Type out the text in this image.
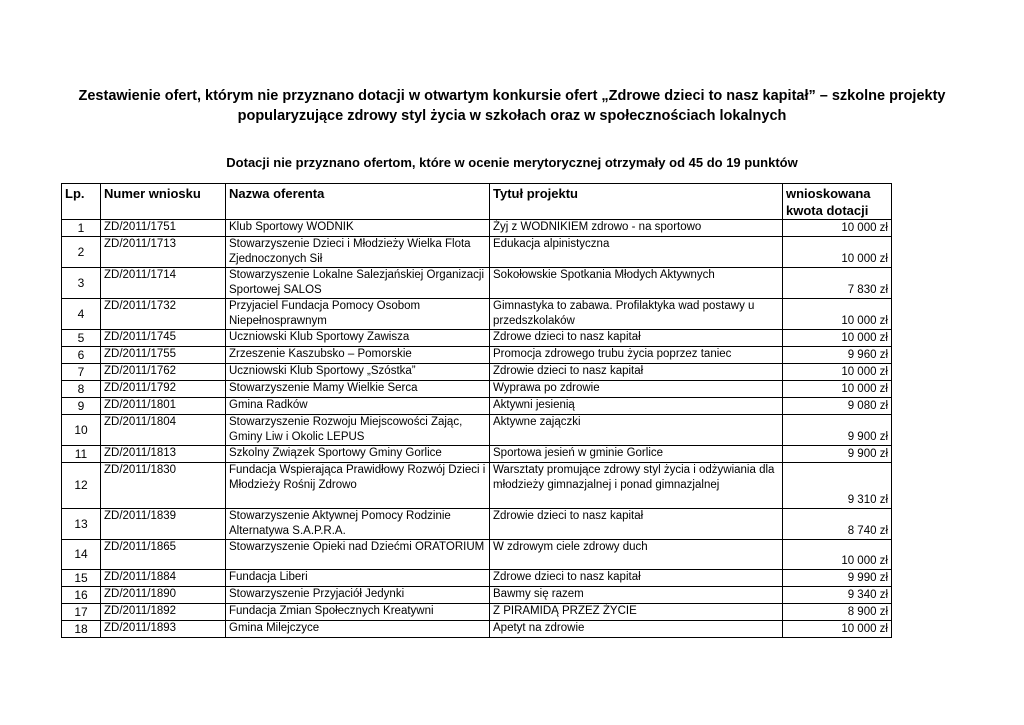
Zestawienie ofert, którym nie przyznano dotacji w otwartym konkursie ofert „Zdrowe dzieci to nasz kapitał” – szkolne projekty popularyzujące zdrowy styl życia w szkołach oraz w społecznościach lokalnych
Dotacji nie przyznano ofertom, które w ocenie merytorycznej otrzymały od 45 do 19 punktów
Lp.	Numer wniosku	Nazwa oferenta	Tytuł projektu	wnioskowana kwota dotacji
1	ZD/2011/1751	Klub Sportowy WODNIK	Żyj z WODNIKIEM zdrowo - na sportowo	10 000 zł
2	ZD/2011/1713	Stowarzyszenie Dzieci i Młodzieży Wielka Flota Zjednoczonych Sił	Edukacja alpinistyczna	10 000 zł
3	ZD/2011/1714	Stowarzyszenie Lokalne Salezjańskiej Organizacji Sportowej SALOS	Sokołowskie Spotkania Młodych Aktywnych	7 830 zł
4	ZD/2011/1732	Przyjaciel Fundacja Pomocy Osobom Niepełnosprawnym	Gimnastyka to zabawa. Profilaktyka wad postawy u przedszkolaków	10 000 zł
5	ZD/2011/1745	Uczniowski Klub Sportowy Zawisza	Zdrowe dzieci to nasz kapitał	10 000 zł
6	ZD/2011/1755	Zrzeszenie Kaszubsko – Pomorskie	Promocja zdrowego trubu życia poprzez taniec	9 960 zł
7	ZD/2011/1762	Uczniowski Klub Sportowy „Szóstka”	Zdrowie dzieci to nasz kapitał	10 000 zł
8	ZD/2011/1792	Stowarzyszenie Mamy Wielkie Serca	Wyprawa po zdrowie	10 000 zł
9	ZD/2011/1801	Gmina Radków	Aktywni jesienią	9 080 zł
10	ZD/2011/1804	Stowarzyszenie Rozwoju Miejscowości Zając, Gminy Liw i Okolic LEPUS	Aktywne zajączki	9 900 zł
11	ZD/2011/1813	Szkolny Związek Sportowy Gminy Gorlice	Sportowa jesień w gminie Gorlice	9 900 zł
12	ZD/2011/1830	Fundacja Wspierająca Prawidłowy Rozwój Dzieci i Młodzieży Rośnij Zdrowo	Warsztaty promujące zdrowy styl życia i odżywiania dla młodzieży gimnazjalnej i ponad gimnazjalnej	9 310 zł
13	ZD/2011/1839	Stowarzyszenie Aktywnej Pomocy Rodzinie Alternatywa S.A.P.R.A.	Zdrowie dzieci to nasz kapitał	8 740 zł
14	ZD/2011/1865	Stowarzyszenie Opieki nad Dziećmi ORATORIUM	W zdrowym ciele zdrowy duch	10 000 zł
15	ZD/2011/1884	Fundacja Liberi	Zdrowe dzieci to nasz kapitał	9 990 zł
16	ZD/2011/1890	Stowarzyszenie Przyjaciół Jedynki	Bawmy się razem	9 340 zł
17	ZD/2011/1892	Fundacja Zmian Społecznych Kreatywni	Z PIRAMIDĄ PRZEZ ŻYCIE	8 900 zł
18	ZD/2011/1893	Gmina Milejczyce	Apetyt na zdrowie	10 000 zł
